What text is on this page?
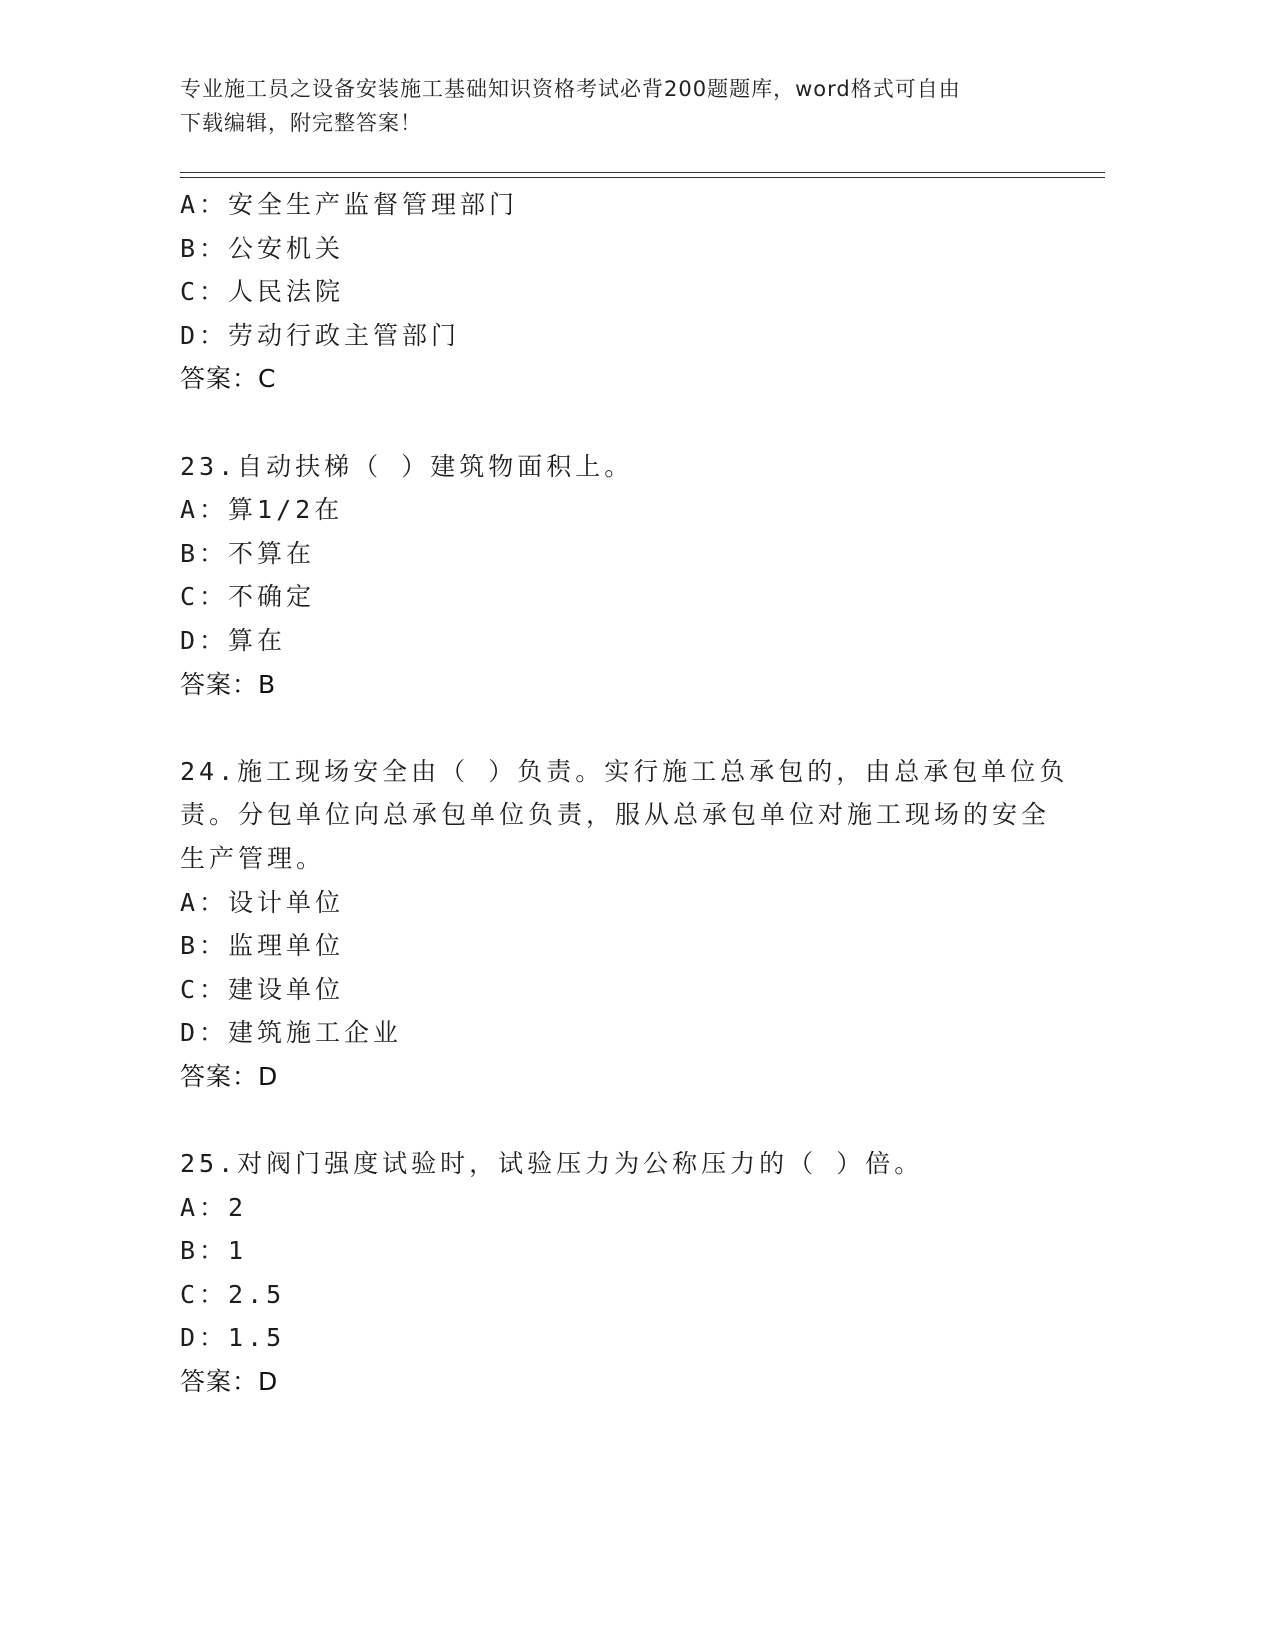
专业施工员之设备安装施工基础知识资格考试必背200题题库，word格式可自由
下载编辑，附完整答案！
A：安全生产监督管理部门
B：公安机关
C：人民法院
D：劳动行政主管部门
答案：C
23.自动扶梯（ ）建筑物面积上。
A：算1/2在
B：不算在
C：不确定
D：算在
答案：B
24.施工现场安全由（ ）负责。实行施工总承包的，由总承包单位负
责。分包单位向总承包单位负责，服从总承包单位对施工现场的安全
生产管理。
A：设计单位
B：监理单位
C：建设单位
D：建筑施工企业
答案：D
25.对阀门强度试验时，试验压力为公称压力的（ ）倍。
A：2
B：1
C：2.5
D：1.5
答案：D
